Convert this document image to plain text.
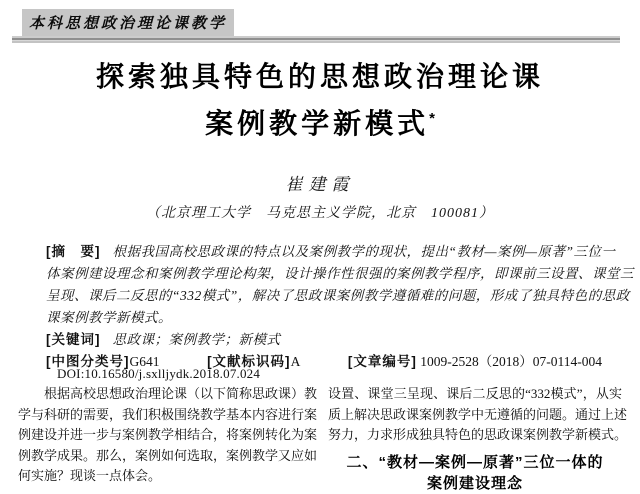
本科思想政治理论课教学
探索独具特色的思想政治理论课
案例教学新模式*
崔建霞
（北京理工大学　马克思主义学院，北京　100081）
[摘　要] 根据我国高校思政课的特点以及案例教学的现状，提出“教材—案例—原著”三位一
体案例建设理念和案例教学理论构架，设计操作性很强的案例教学程序，即课前三设置、课堂三
呈现、课后二反思的“332模式”，解决了思政课案例教学遵循难的问题，形成了独具特色的思政
课案例教学新模式。
[关键词] 思政课；案例教学；新模式
[中图分类号]G641	[文献标识码]A	[文章编号] 1009-2528（2018）07-0114-004
DOI:10.16580/j.sxlljydk.2018.07.024
根据高校思想政治理论课（以下简称思政课）教
学与科研的需要，我们积极围绕教学基本内容进行案
例建设并进一步与案例教学相结合，将案例转化为案
例教学成果。那么，案例如何选取，案例教学又应如
何实施？现谈一点体会。
设置、课堂三呈现、课后二反思的“332模式”，从实
质上解决思政课案例教学中无遵循的问题。通过上述
努力，力求形成独具特色的思政课案例教学新模式。
二、“教材—案例—原著”三位一体的
案例建设理念
